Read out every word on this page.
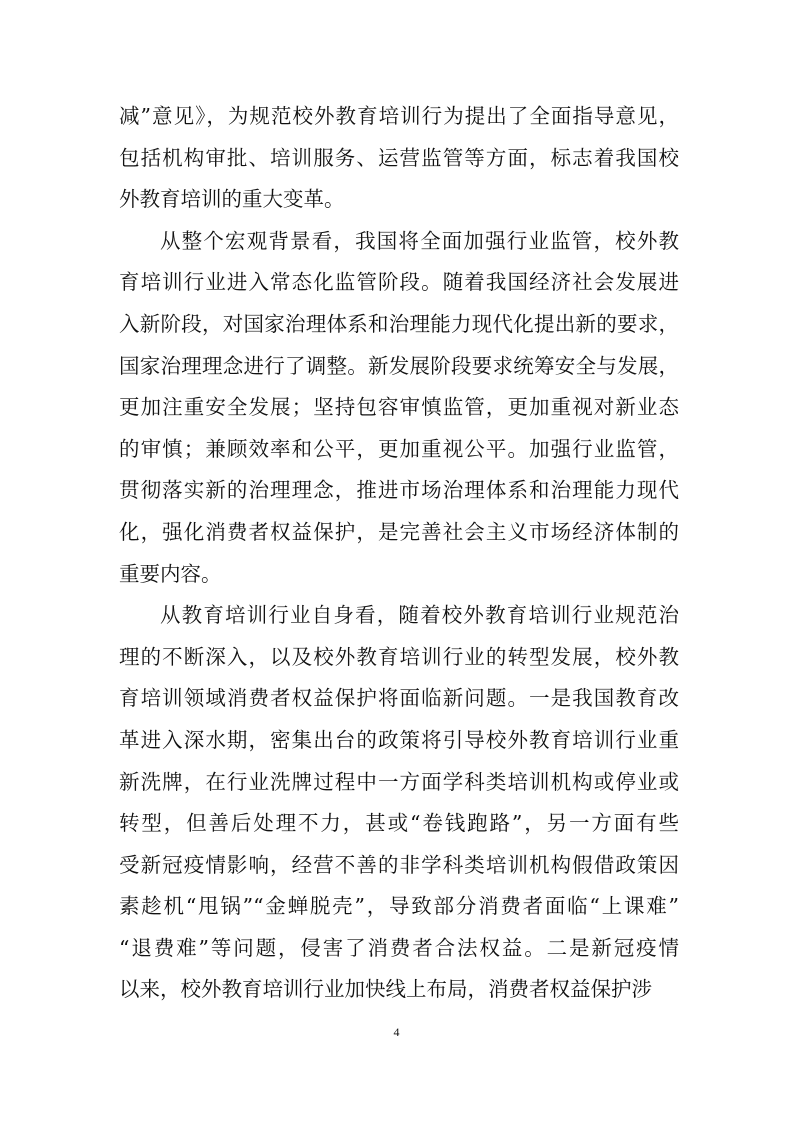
减”意见》，为规范校外教育培训行为提出了全面指导意见，
包括机构审批、培训服务、运营监管等方面，标志着我国校
外教育培训的重大变革。
从整个宏观背景看，我国将全面加强行业监管，校外教
育培训行业进入常态化监管阶段。随着我国经济社会发展进
入新阶段，对国家治理体系和治理能力现代化提出新的要求，
国家治理理念进行了调整。新发展阶段要求统筹安全与发展，
更加注重安全发展；坚持包容审慎监管，更加重视对新业态
的审慎；兼顾效率和公平，更加重视公平。加强行业监管，
贯彻落实新的治理理念，推进市场治理体系和治理能力现代
化，强化消费者权益保护，是完善社会主义市场经济体制的
重要内容。
从教育培训行业自身看，随着校外教育培训行业规范治
理的不断深入，以及校外教育培训行业的转型发展，校外教
育培训领域消费者权益保护将面临新问题。一是我国教育改
革进入深水期，密集出台的政策将引导校外教育培训行业重
新洗牌，在行业洗牌过程中一方面学科类培训机构或停业或
转型，但善后处理不力，甚或“卷钱跑路”，另一方面有些
受新冠疫情影响，经营不善的非学科类培训机构假借政策因
素趁机“甩锅”“金蝉脱壳”，导致部分消费者面临“上课难”
“退费难”等问题，侵害了消费者合法权益。二是新冠疫情
以来，校外教育培训行业加快线上布局，消费者权益保护涉
4
